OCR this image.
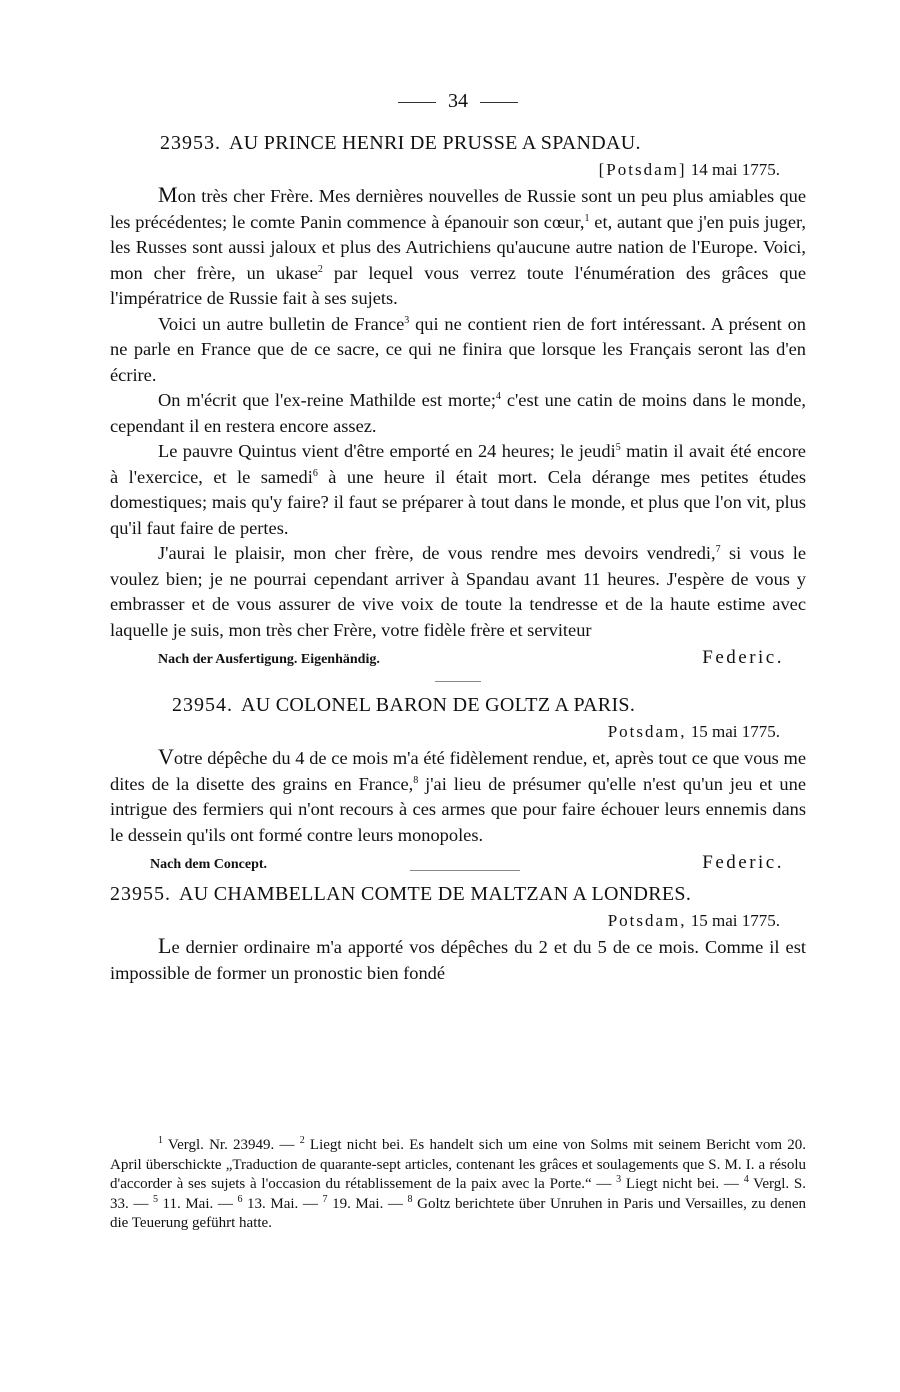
34
23953. AU PRINCE HENRI DE PRUSSE A SPANDAU.
[Potsdam] 14 mai 1775.

Mon très cher Frère. Mes dernières nouvelles de Russie sont un peu plus amiables que les précédentes; le comte Panin commence à épanouir son cœur,$^1$ et, autant que j'en puis juger, les Russes sont aussi jaloux et plus des Autrichiens qu'aucune autre nation de l'Europe. Voici, mon cher frère, un ukase$^2$ par lequel vous verrez toute l'énumération des grâces que l'impératrice de Russie fait à ses sujets.

Voici un autre bulletin de France$^3$ qui ne contient rien de fort intéressant. A présent on ne parle en France que de ce sacre, ce qui ne finira que lorsque les Français seront las d'en écrire.

On m'écrit que l'ex-reine Mathilde est morte;$^4$ c'est une catin de moins dans le monde, cependant il en restera encore assez.

Le pauvre Quintus vient d'être emporté en 24 heures; le jeudi$^5$ matin il avait été encore à l'exercice, et le samedi$^6$ à une heure il était mort. Cela dérange mes petites études domestiques; mais qu'y faire? il faut se préparer à tout dans le monde, et plus que l'on vit, plus qu'il faut faire de pertes.

J'aurai le plaisir, mon cher frère, de vous rendre mes devoirs vendredi,$^7$ si vous le voulez bien; je ne pourrai cependant arriver à Spandau avant 11 heures. J'espère de vous y embrasser et de vous assurer de vive voix de toute la tendresse et de la haute estime avec laquelle je suis, mon très cher Frère, votre fidèle frère et serviteur

Nach der Ausfertigung. Eigenhändig.	Federic.
23954. AU COLONEL BARON DE GOLTZ A PARIS.
Potsdam, 15 mai 1775.

Votre dépêche du 4 de ce mois m'a été fidèlement rendue, et, après tout ce que vous me dites de la disette des grains en France,$^8$ j'ai lieu de présumer qu'elle n'est qu'un jeu et une intrigue des fermiers qui n'ont recours à ces armes que pour faire échouer leurs ennemis dans le dessein qu'ils ont formé contre leurs monopoles.

Nach dem Concept.	Federic.
23955. AU CHAMBELLAN COMTE DE MALTZAN A LONDRES.
Potsdam, 15 mai 1775.

Le dernier ordinaire m'a apporté vos dépêches du 2 et du 5 de ce mois. Comme il est impossible de former un pronostic bien fondé

$^1$ Vergl. Nr. 23949. — $^2$ Liegt nicht bei. Es handelt sich um eine von Solms mit seinem Bericht vom 20. April überschickte „Traduction de quarante-sept articles, contenant les grâces et soulagements que S. M. I. a résolu d'accorder à ses sujets à l'occasion du rétablissement de la paix avec la Porte.“ — $^3$ Liegt nicht bei. — $^4$ Vergl. S. 33. — $^5$ 11. Mai. — $^6$ 13. Mai. — $^7$ 19. Mai. — $^8$ Goltz berichtete über Unruhen in Paris und Versailles, zu denen die Teuerung geführt hatte.
